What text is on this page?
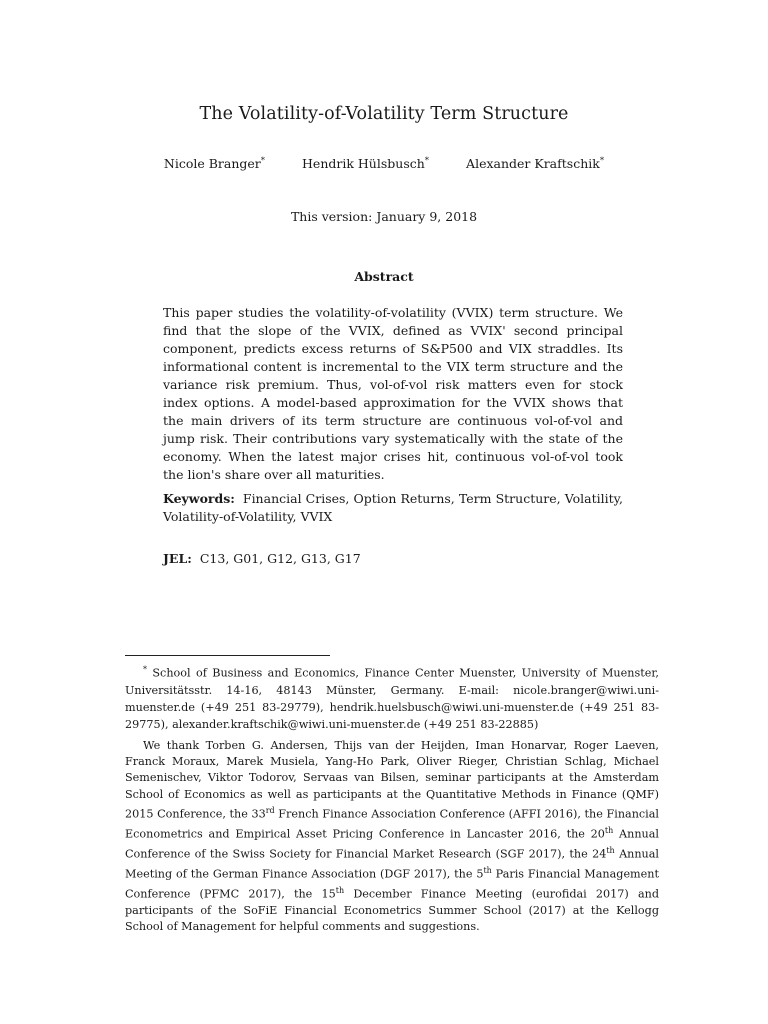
The Volatility-of-Volatility Term Structure
Nicole Branger*	Hendrik Hülsbusch*	Alexander Kraftschik*
This version: January 9, 2018
Abstract
This paper studies the volatility-of-volatility (VVIX) term structure. We find that the slope of the VVIX, defined as VVIX' second principal component, predicts excess returns of S&P500 and VIX straddles. Its informational content is incremental to the VIX term structure and the variance risk premium. Thus, vol-of-vol risk matters even for stock index options. A model-based approximation for the VVIX shows that the main drivers of its term structure are continuous vol-of-vol and jump risk. Their contributions vary systematically with the state of the economy. When the latest major crises hit, continuous vol-of-vol took the lion's share over all maturities.
Keywords: Financial Crises, Option Returns, Term Structure, Volatility, Volatility-of-Volatility, VVIX
JEL: C13, G01, G12, G13, G17
* School of Business and Economics, Finance Center Muenster, University of Muenster, Universitätsstr. 14-16, 48143 Münster, Germany. E-mail: nicole.branger@wiwi.uni-muenster.de (+49 251 83-29779), hendrik.huelsbusch@wiwi.uni-muenster.de (+49 251 83-29775), alexander.kraftschik@wiwi.uni-muenster.de (+49 251 83-22885)
We thank Torben G. Andersen, Thijs van der Heijden, Iman Honarvar, Roger Laeven, Franck Moraux, Marek Musiela, Yang-Ho Park, Oliver Rieger, Christian Schlag, Michael Semenischev, Viktor Todorov, Servaas van Bilsen, seminar participants at the Amsterdam School of Economics as well as participants at the Quantitative Methods in Finance (QMF) 2015 Conference, the 33rd French Finance Association Conference (AFFI 2016), the Financial Econometrics and Empirical Asset Pricing Conference in Lancaster 2016, the 20th Annual Conference of the Swiss Society for Financial Market Research (SGF 2017), the 24th Annual Meeting of the German Finance Association (DGF 2017), the 5th Paris Financial Management Conference (PFMC 2017), the 15th December Finance Meeting (eurofidai 2017) and participants of the SoFiE Financial Econometrics Summer School (2017) at the Kellogg School of Management for helpful comments and suggestions.
